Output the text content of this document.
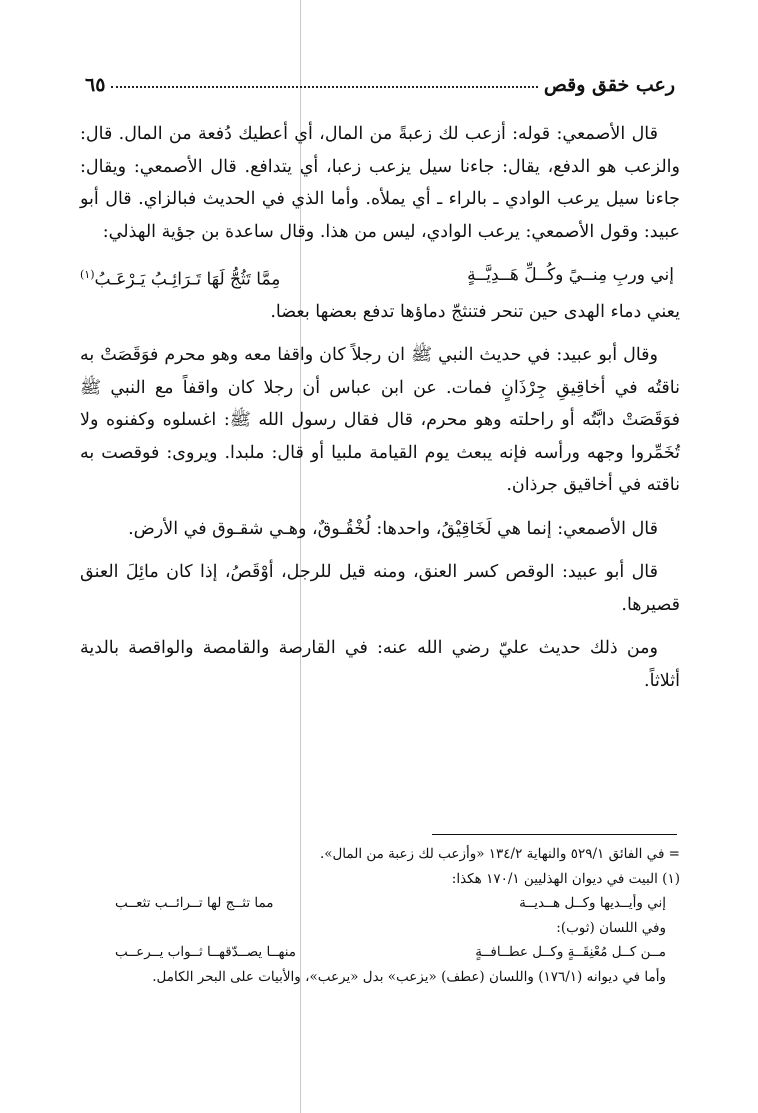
رعب خقق وقص
٦٥

قال الأصمعي: قوله: أزعب لك زعبةً من المال، أي أعطيك دُفعة من المال. قال: والزعب هو الدفع، يقال: جاءنا سيل يزعب زعبا، أي يتدافع. قال الأصمعي: ويقال: جاءنا سيل يرعب الوادي ـ بالراء ـ أي يملأه. وأما الذي في الحديث فبالزاي. قال أبو عبيد: وقول الأصمعي: يرعب الوادي، ليس من هذا. وقال ساعدة بن جؤية الهذلي:

إني وربِ مِنــيً وكُــلِّ هَــدِيَّــةٍ
مِمَّا تَثُجُّ لَهَا تَـرَائِـبُ يَـرْعَـبُ$^{(١)}$

يعني دماء الهدى حين تنحر فتنثجّ دماؤها تدفع بعضها بعضا.

وقال أبو عبيد: في حديث النبي ﷺ ان رجلاً كان واقفا معه وهو محرم فوَقَصَتْ به ناقتُه في أخاقِيقِ جِرْذَانٍ فمات. عن ابن عباس أن رجلا كان واقفاً مع النبي ﷺ فوَقَصَتْ دابَّتُه أو راحلته وهو محرم، قال فقال رسول الله ﷺ: اغسلوه وكفنوه ولا تُخَمِّروا وجهه ورأسه فإنه يبعث يوم القيامة ملبيا أو قال: ملبدا. ويروى: فوقصت به ناقته في أخاقيق جرذان.

قال الأصمعي: إنما هي لَخَاقِيْقُ، واحدها: لُخْقُـوقٌ، وهـي شقـوق في الأرض.

قال أبو عبيد: الوقص كسر العنق، ومنه قيل للرجل، أوْقَصُ، إذا كان مائِلَ العنق قصيرها.

ومن ذلك حديث عليّ رضي الله عنه: في القارصة والقامصة والواقصة بالدية أثلاثاً.

= في الفائق ٥٢٩/١ والنهاية ١٣٤/٢ «وأزعب لك زعبة من المال».

(١) البيت في ديوان الهذليين ١٧٠/١ هكذا:

إني وأيــديها وكــل هــديــة
مما تثــج لها تــرائــب تثعــب

وفي اللسان (ثوب):

مــن كــل مُعْنِقَــةٍ وكــل عطــافــةٍ
منهــا يصــدّقهــا ثــواب يــرعــب

وأما في ديوانه (١٧٦/١) واللسان (عطف) «يزعب» بدل «يرعب»، والأبيات على البحر الكامل.
